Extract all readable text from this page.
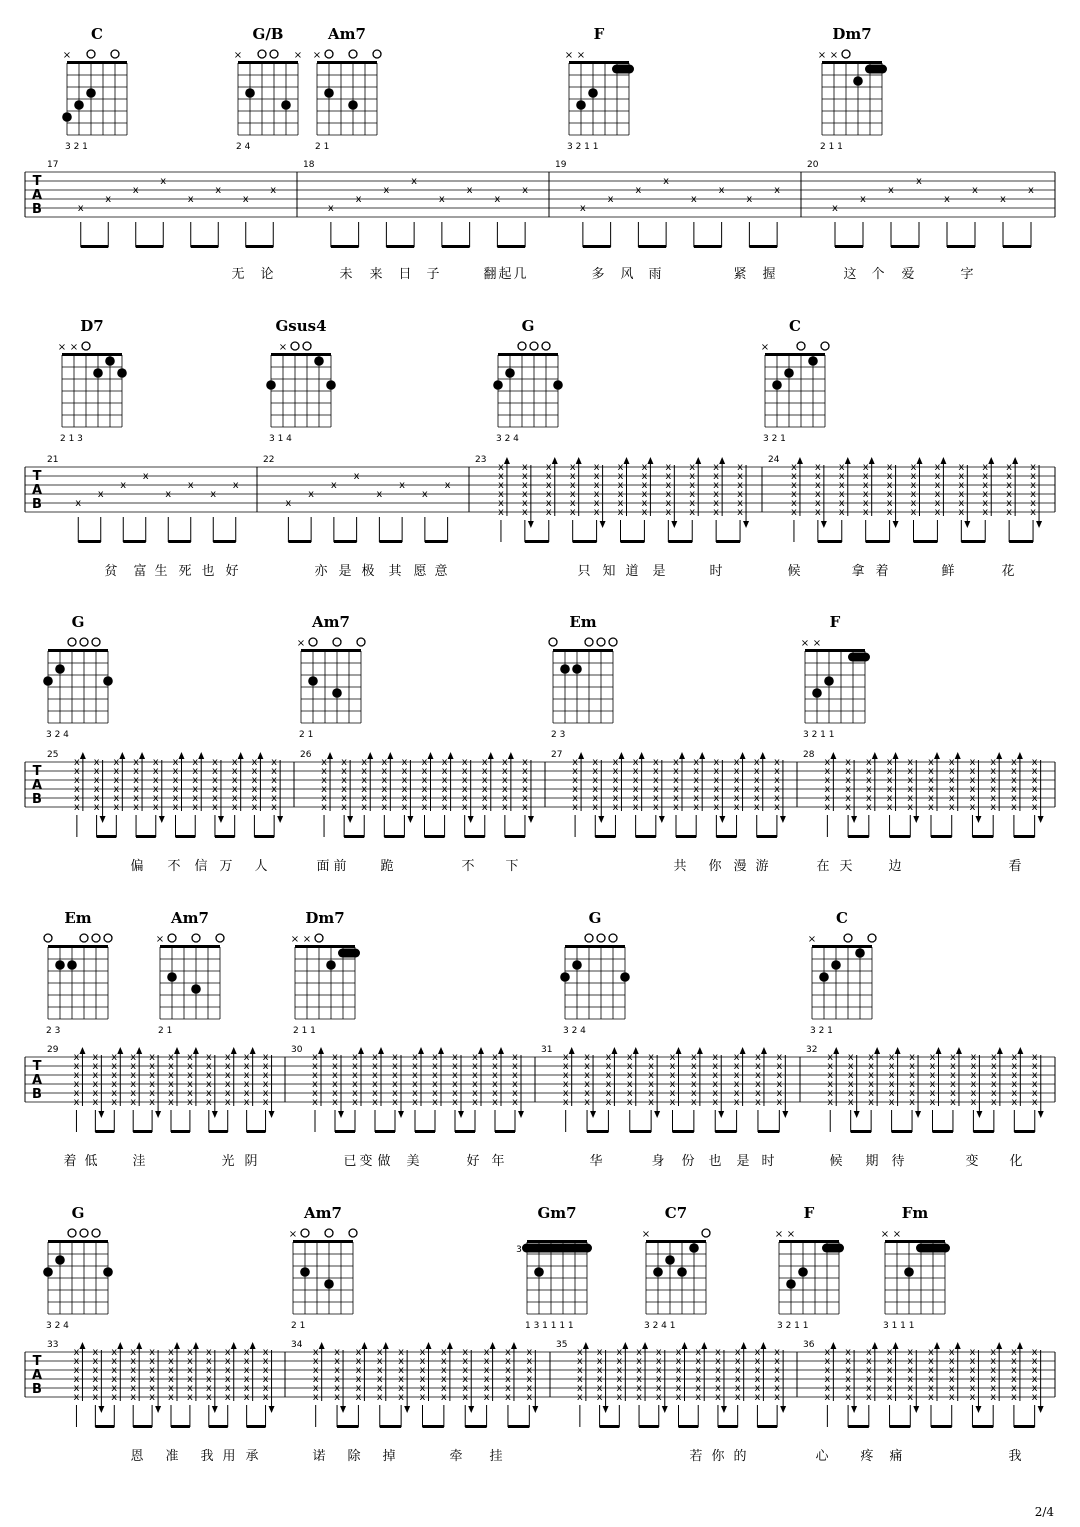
C
×
3 2 1
G/B
×	×
2 4
Am7
×
2 1
F
× ×
3 2 1 1
Dm7
× ×
2 1 1
T
A
B
17	18	19	20
x
x
x
x
x
x
x
x
x
x
x
x
x
x
x
x
x
x
x
x
x
x
x
x
x
x
x
x
x
x
x
x
无 论	未 来 日 子	翻 起 几	多 风 雨	紧 握	这 个 爱	字
D7
× ×
2 1 3
Gsus4
×
3 1 4
G
3 2 4
C
×
3 2 1
T
A
B
21	22	23	24
x
x
x
x
x
x
x
x
x
x
x
x
x
x
x
x
x
x
x
x
x
x
x
x
x
x
x
x
x
x
x
x
x
x
x
x
x
x
x
x
x
x
x
x
x
x
x
x
x
x
x
x
x
x
x
x
x
x
x
x
x
x
x
x
x
x
x
x
x
x
x
x
x
x
x
x
x
x
x
x
x
x
x
x
x
x
x
x
x
x
x
x
x
x
x
x
x
x
x
x
x
x
x
x
x
x
x
x
x
x
x
x
x
x
x
x
x
x
x
x
x
x
x
x
x
x
x
x
x
x
x
x
x
x
x
x
x
x
x
x
x
x
x
x
x
x
x
x
贫 富 生 死 也 好	亦 是 极 其 愿 意	只 知 道 是	时	候	拿 着	鲜	花
G
3 2 4
Am7
×
2 1
Em
2 3
F
× ×
3 2 1 1
T
A
B
25	26	27	28
x
x
x
x
x
x
x
x
x
x
x
x
x
x
x
x
x
x
x
x
x
x
x
x
x
x
x
x
x
x
x
x
x
x
x
x
x
x
x
x
x
x
x
x
x
x
x
x
x
x
x
x
x
x
x
x
x
x
x
x
x
x
x
x
x
x
x
x
x
x
x
x
x
x
x
x
x
x
x
x
x
x
x
x
x
x
x
x
x
x
x
x
x
x
x
x
x
x
x
x
x
x
x
x
x
x
x
x
x
x
x
x
x
x
x
x
x
x
x
x
x
x
x
x
x
x
x
x
x
x
x
x
x
x
x
x
x
x
x
x
x
x
x
x
x
x
x
x
x
x
x
x
x
x
x
x
x
x
x
x
x
x
x
x
x
x
x
x
x
x
x
x
x
x
x
x
x
x
x
x
x
x
x
x
x
x
x
x
x
x
x
x
x
x
x
x
x
x
x
x
x
x
x
x
x
x
x
x
x
x
x
x
x
x
x
x
x
x
x
x
x
x
x
x
x
x
x
x
x
x
x
x
x
x
x
x
x
x
x
x
x
x
x
x
x
x
x
x
x
x
x
x
x
x
x
x
x
x
x
x
x
x
x
x
偏 不 信 万 人	面 前	跪	不 下	共 你 漫 游	在 天	边	看
Em
2 3
Am7
×
2 1
Dm7
× ×
2 1 1
G
3 2 4
C
×
3 2 1
T
A
B
29	30	31	32
x
x
x
x
x
x
x
x
x
x
x
x
x
x
x
x
x
x
x
x
x
x
x
x
x
x
x
x
x
x
x
x
x
x
x
x
x
x
x
x
x
x
x
x
x
x
x
x
x
x
x
x
x
x
x
x
x
x
x
x
x
x
x
x
x
x
x
x
x
x
x
x
x
x
x
x
x
x
x
x
x
x
x
x
x
x
x
x
x
x
x
x
x
x
x
x
x
x
x
x
x
x
x
x
x
x
x
x
x
x
x
x
x
x
x
x
x
x
x
x
x
x
x
x
x
x
x
x
x
x
x
x
x
x
x
x
x
x
x
x
x
x
x
x
x
x
x
x
x
x
x
x
x
x
x
x
x
x
x
x
x
x
x
x
x
x
x
x
x
x
x
x
x
x
x
x
x
x
x
x
x
x
x
x
x
x
x
x
x
x
x
x
x
x
x
x
x
x
x
x
x
x
x
x
x
x
x
x
x
x
x
x
x
x
x
x
x
x
x
x
x
x
x
x
x
x
x
x
x
x
x
x
x
x
x
x
x
x
x
x
x
x
x
x
x
x
x
x
x
x
x
x
x
x
x
x
x
x
x
x
x
x
x
x
着 低	洼	光 阴	已 变 做 美	好 年	华	身 份 也 是 时	候 期 待	变 化
G
3 2 4
Am7
×
2 1
Gm7
3
1 3 1 1 1 1
C7
×
3 2 4 1
F
× ×
3 2 1 1
Fm
× ×
3 1 1 1
T
A
B
33	34	35	36
x
x
x
x
x
x
x
x
x
x
x
x
x
x
x
x
x
x
x
x
x
x
x
x
x
x
x
x
x
x
x
x
x
x
x
x
x
x
x
x
x
x
x
x
x
x
x
x
x
x
x
x
x
x
x
x
x
x
x
x
x
x
x
x
x
x
x
x
x
x
x
x
x
x
x
x
x
x
x
x
x
x
x
x
x
x
x
x
x
x
x
x
x
x
x
x
x
x
x
x
x
x
x
x
x
x
x
x
x
x
x
x
x
x
x
x
x
x
x
x
x
x
x
x
x
x
x
x
x
x
x
x
x
x
x
x
x
x
x
x
x
x
x
x
x
x
x
x
x
x
x
x
x
x
x
x
x
x
x
x
x
x
x
x
x
x
x
x
x
x
x
x
x
x
x
x
x
x
x
x
x
x
x
x
x
x
x
x
x
x
x
x
x
x
x
x
x
x
x
x
x
x
x
x
x
x
x
x
x
x
x
x
x
x
x
x
x
x
x
x
x
x
x
x
x
x
x
x
x
x
x
x
x
x
x
x
x
x
x
x
x
x
x
x
x
x
x
x
x
x
x
x
x
x
x
x
x
x
x
x
x
x
x
x
恩 准 我 用 承	诺 除 掉	牵 挂	若 你 的	心 疼 痛	我
2/4
